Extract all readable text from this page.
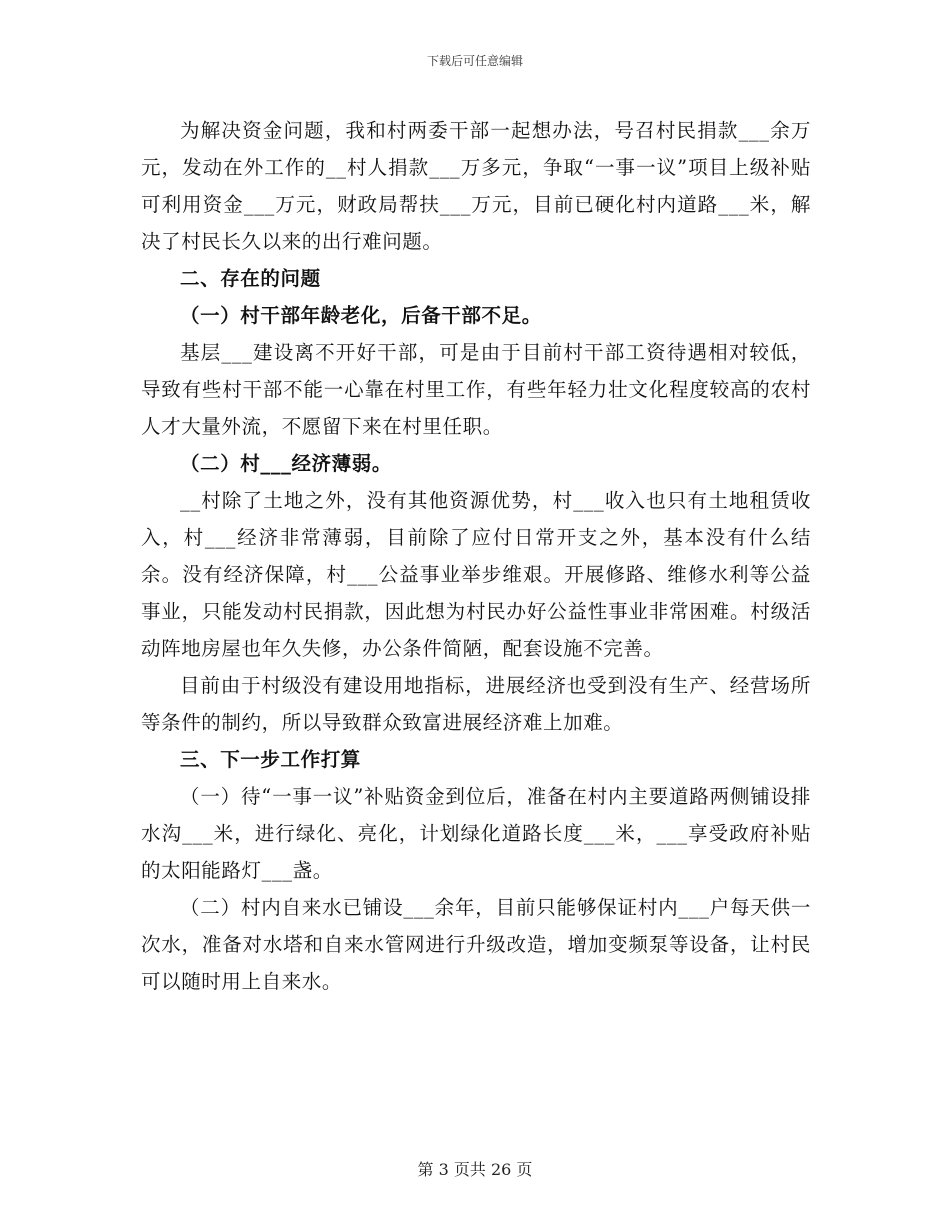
下载后可任意编辑

为解决资金问题，我和村两委干部一起想办法，号召村民捐款___余万元，发动在外工作的__村人捐款___万多元，争取“一事一议”项目上级补贴可利用资金___万元，财政局帮扶___万元，目前已硬化村内道路___米，解决了村民长久以来的出行难问题。

二、存在的问题

（一）村干部年龄老化，后备干部不足。

基层___建设离不开好干部，可是由于目前村干部工资待遇相对较低，导致有些村干部不能一心靠在村里工作，有些年轻力壮文化程度较高的农村人才大量外流，不愿留下来在村里任职。

（二）村___经济薄弱。

__村除了土地之外，没有其他资源优势，村___收入也只有土地租赁收入，村___经济非常薄弱，目前除了应付日常开支之外，基本没有什么结余。没有经济保障，村___公益事业举步维艰。开展修路、维修水利等公益事业，只能发动村民捐款，因此想为村民办好公益性事业非常困难。村级活动阵地房屋也年久失修，办公条件简陋，配套设施不完善。

目前由于村级没有建设用地指标，进展经济也受到没有生产、经营场所等条件的制约，所以导致群众致富进展经济难上加难。

三、下一步工作打算

（一）待“一事一议”补贴资金到位后，准备在村内主要道路两侧铺设排水沟___米，进行绿化、亮化，计划绿化道路长度___米，___享受政府补贴的太阳能路灯___盏。

（二）村内自来水已铺设___余年，目前只能够保证村内___户每天供一次水，准备对水塔和自来水管网进行升级改造，增加变频泵等设备，让村民可以随时用上自来水。

第 3 页共 26 页
